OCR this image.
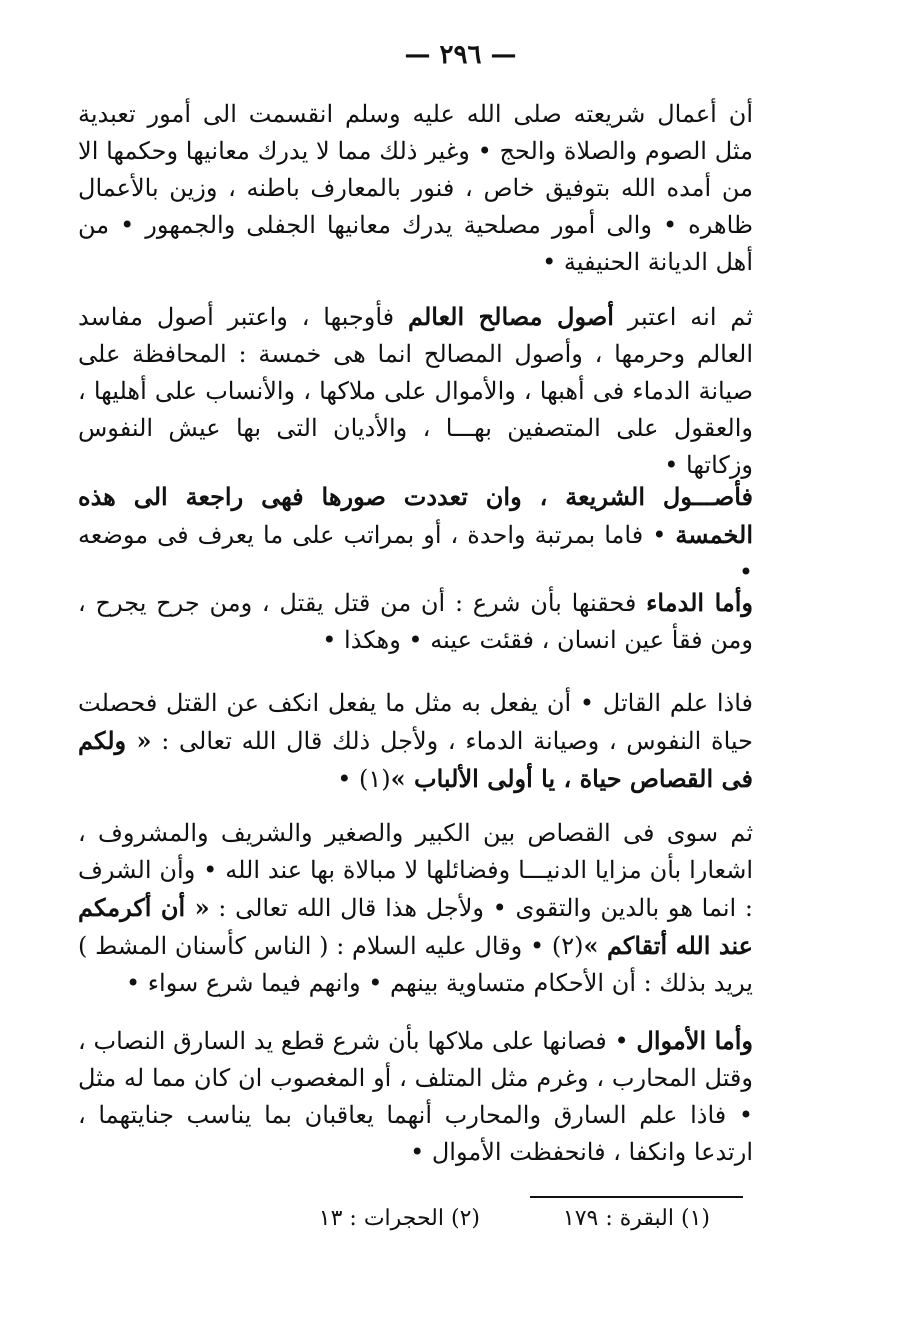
— ٢٩٦ —

أن أعمال شريعته صلى الله عليه وسلم انقسمت الى أمور تعبدية مثل الصوم والصلاة والحج • وغير ذلك مما لا يدرك معانيها وحكمها الا من أمده الله بتوفيق خاص ، فنور بالمعارف باطنه ، وزين بالأعمال ظاهره • والى أمور مصلحية يدرك معانيها الجفلى والجمهور • من أهل الديانة الحنيفية •

ثم انه اعتبر أصول مصالح العالم فأوجبها ، واعتبر أصول مفاسد العالم وحرمها ، وأصول المصالح انما هى خمسة : المحافظة على صيانة الدماء فى أهبها ، والأموال على ملاكها ، والأنساب على أهليها ، والعقول على المتصفين بهـــا ، والأديان التى بها عيش النفوس وزكاتها •

فأصـــول الشريعة ، وان تعددت صورها فهى راجعة الى هذه الخمسة • فاما بمرتبة واحدة ، أو بمراتب على ما يعرف فى موضعه •

وأما الدماء فحقنها بأن شرع : أن من قتل يقتل ، ومن جرح يجرح ، ومن فقأ عين انسان ، فقئت عينه • وهكذا •

فاذا علم القاتل • أن يفعل به مثل ما يفعل انكف عن القتل فحصلت حياة النفوس ، وصيانة الدماء ، ولأجل ذلك قال الله تعالى : « ولكم فى القصاص حياة ، يا أولى الألباب »(١) •

ثم سوى فى القصاص بين الكبير والصغير والشريف والمشروف ، اشعارا بأن مزايا الدنيـــا وفضائلها لا مبالاة بها عند الله • وأن الشرف : انما هو بالدين والتقوى • ولأجل هذا قال الله تعالى : « أن أكرمكم عند الله أتقاكم »(٢) • وقال عليه السلام : ( الناس كأسنان المشط ) يريد بذلك : أن الأحكام متساوية بينهم • وانهم فيما شرع سواء •

وأما الأموال • فصانها على ملاكها بأن شرع قطع يد السارق النصاب ، وقتل المحارب ، وغرم مثل المتلف ، أو المغصوب ان كان مما له مثل • فاذا علم السارق والمحارب أنهما يعاقبان بما يناسب جنايتهما ، ارتدعا وانكفا ، فانحفظت الأموال •

(١) البقرة : ١٧٩
(٢) الحجرات : ١٣
